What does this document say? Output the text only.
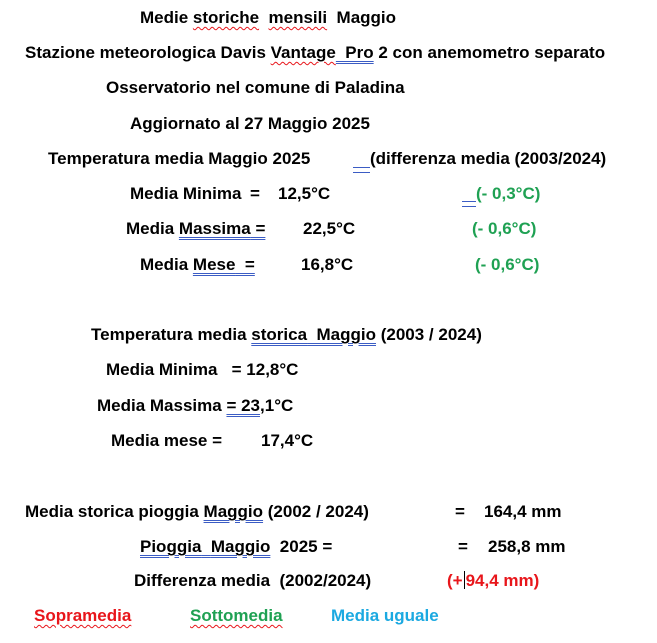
Medie storiche mensili  Maggio
Stazione meteorologica Davis Vantage  Pro 2 con anemometro separato
Osservatorio nel comune di Paladina
Aggiornato al 27 Maggio 2025
Temperatura media Maggio 2025	(differenza media (2003/2024)
Media Minima = 12,5°C	(- 0,3°C)
Media Massima = 22,5°C	(- 0,6°C)
Media Mese  =	16,8°C	(- 0,6°C)
Temperatura media storica Maggio (2003 / 2024)
Media Minima   = 12,8°C
Media Massima = 23,1°C
Media mese = 17,4°C
Media storica pioggia Maggio (2002 / 2024)	= 164,4 mm
Pioggia Maggio  2025 =	= 258,8 mm
Differenza media  (2002/2024)	(+ 94,4 mm)
Sopramedia	Sottomedia	Media uguale
